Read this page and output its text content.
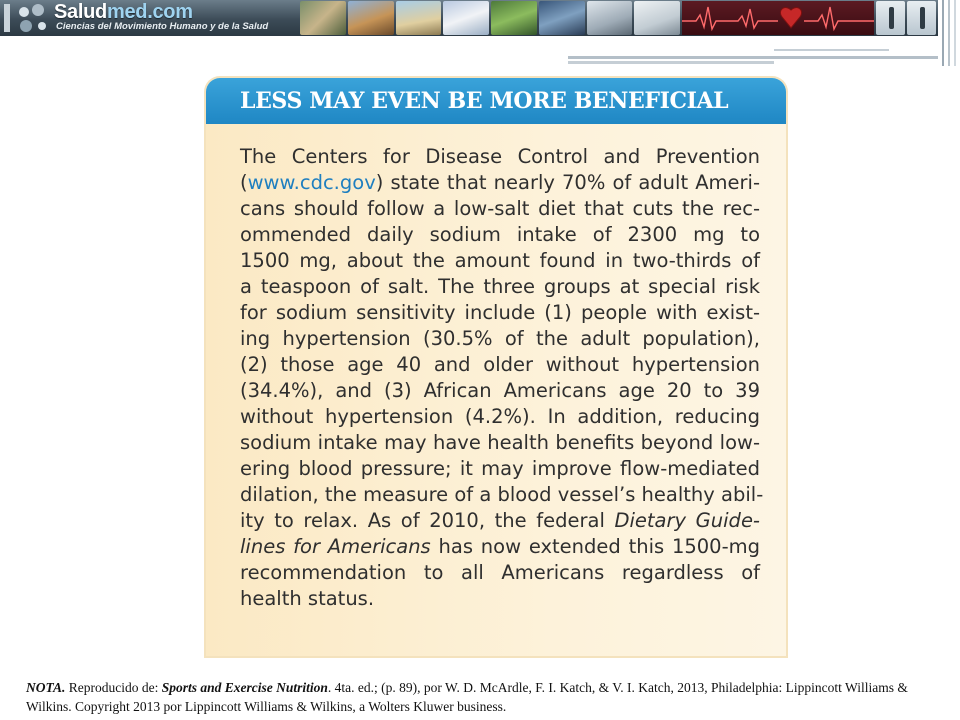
Saludmed.com
Ciencias del Movimiento Humano y de la Salud
LESS MAY EVEN BE MORE BENEFICIAL
The Centers for Disease Control and Prevention
(www.cdc.gov) state that nearly 70% of adult Ameri-
cans should follow a low-salt diet that cuts the rec-
ommended daily sodium intake of 2300 mg to
1500 mg, about the amount found in two-thirds of
a teaspoon of salt. The three groups at special risk
for sodium sensitivity include (1) people with exist-
ing hypertension (30.5% of the adult population),
(2) those age 40 and older without hypertension
(34.4%), and (3) African Americans age 20 to 39
without hypertension (4.2%). In addition, reducing
sodium intake may have health benefits beyond low-
ering blood pressure; it may improve flow-mediated
dilation, the measure of a blood vessel’s healthy abil-
ity to relax. As of 2010, the federal Dietary Guide-
lines for Americans has now extended this 1500-mg
recommendation to all Americans regardless of
health status.
NOTA. Reproducido de: Sports and Exercise Nutrition. 4ta. ed.; (p. 89), por W. D. McArdle, F. I. Katch, & V. I. Katch, 2013, Philadelphia: Lippincott Williams & Wilkins. Copyright 2013 por Lippincott Williams & Wilkins, a Wolters Kluwer business.
